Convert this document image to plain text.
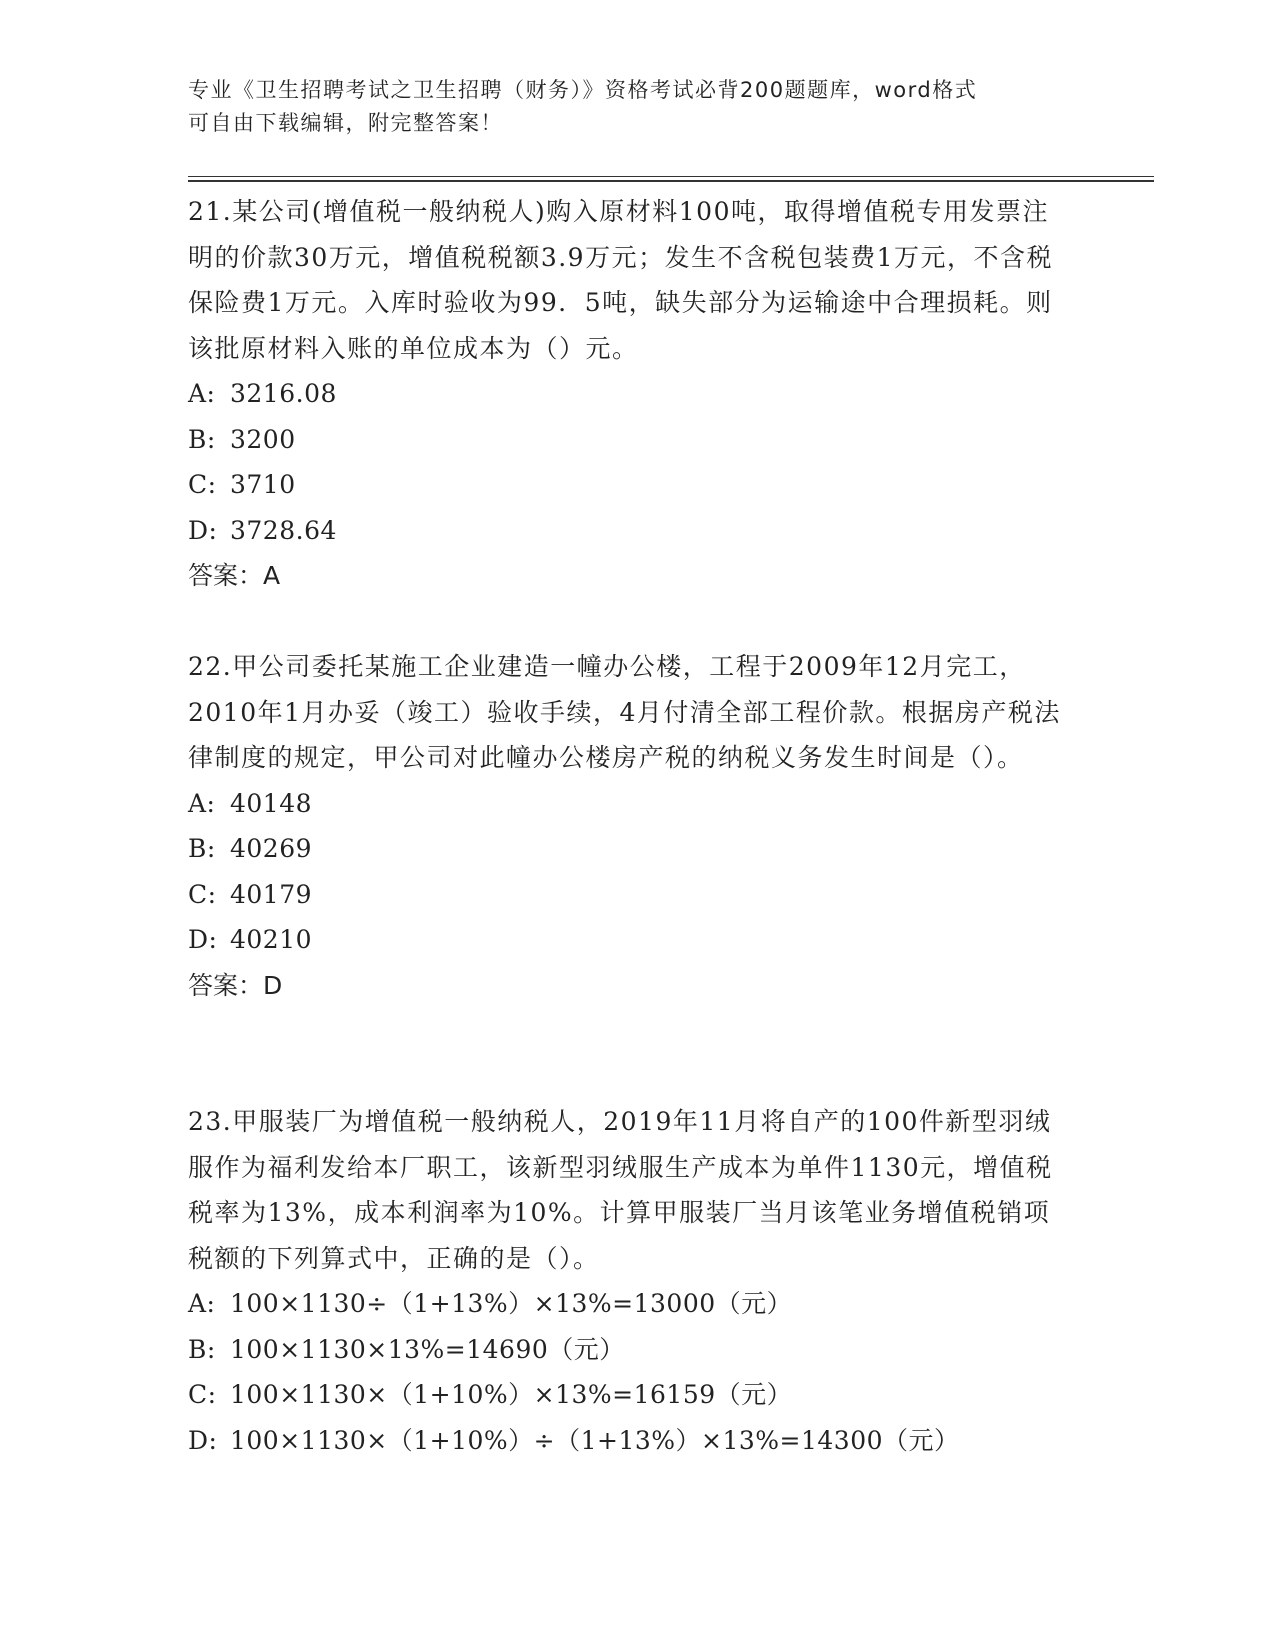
专业《卫生招聘考试之卫生招聘（财务）》资格考试必背200题题库，word格式
可自由下载编辑，附完整答案！

21.某公司(增值税一般纳税人)购入原材料100吨，取得增值税专用发票注明的价款30万元，增值税税额3.9万元；发生不含税包装费1万元，不含税保险费1万元。入库时验收为99．5吨，缺失部分为运输途中合理损耗。则该批原材料入账的单位成本为（）元。

A: 3216.08
B: 3200
C: 3710
D: 3728.64

答案：A

22.甲公司委托某施工企业建造一幢办公楼，工程于2009年12月完工，2010年1月办妥（竣工）验收手续，4月付清全部工程价款。根据房产税法律制度的规定，甲公司对此幢办公楼房产税的纳税义务发生时间是（）。

A: 40148
B: 40269
C: 40179
D: 40210

答案：D

23.甲服装厂为增值税一般纳税人，2019年11月将自产的100件新型羽绒服作为福利发给本厂职工，该新型羽绒服生产成本为单件1130元，增值税税率为13%，成本利润率为10%。计算甲服装厂当月该笔业务增值税销项税额的下列算式中，正确的是（）。

A: 100×1130÷（1+13%）×13%=13000（元）
B: 100×1130×13%=14690（元）
C: 100×1130×（1+10%）×13%=16159（元）
D: 100×1130×（1+10%）÷（1+13%）×13%=14300（元）
